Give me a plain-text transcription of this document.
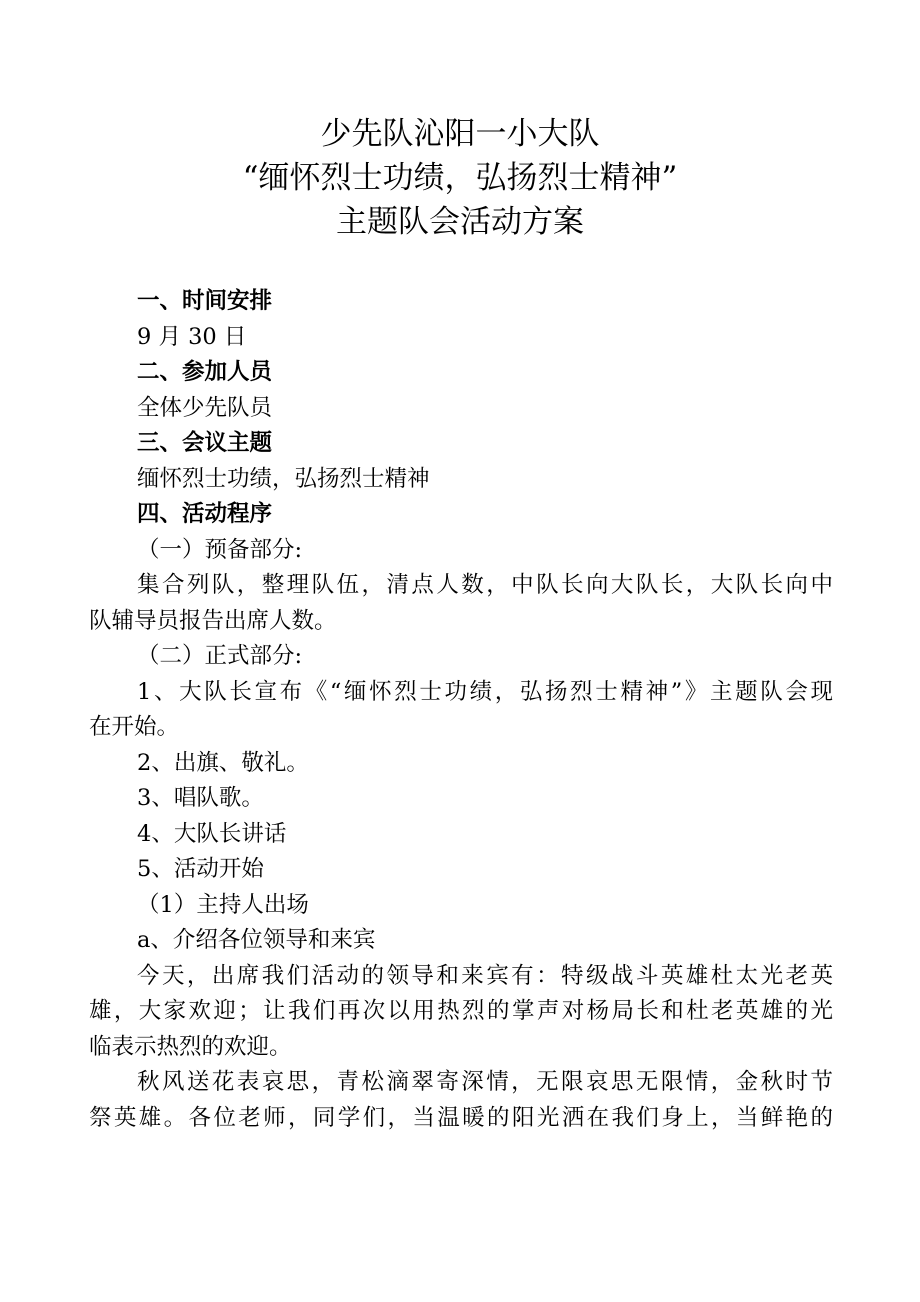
少先队沁阳一小大队
“缅怀烈士功绩，弘扬烈士精神”
主题队会活动方案
一、时间安排
9 月 30 日
二、参加人员
全体少先队员
三、会议主题
缅怀烈士功绩，弘扬烈士精神
四、活动程序
（一）预备部分:
集合列队，整理队伍，清点人数，中队长向大队长，大队长向中
队辅导员报告出席人数。
（二）正式部分:
1、大队长宣布《“缅怀烈士功绩，弘扬烈士精神”》主题队会现
在开始。
2、出旗、敬礼。
3、唱队歌。
4、大队长讲话
5、活动开始
（1）主持人出场
a、介绍各位领导和来宾
今天，出席我们活动的领导和来宾有：特级战斗英雄杜太光老英
雄，大家欢迎；让我们再次以用热烈的掌声对杨局长和杜老英雄的光
临表示热烈的欢迎。
秋风送花表哀思，青松滴翠寄深情，无限哀思无限情，金秋时节
祭英雄。各位老师，同学们，当温暖的阳光洒在我们身上，当鲜艳的
